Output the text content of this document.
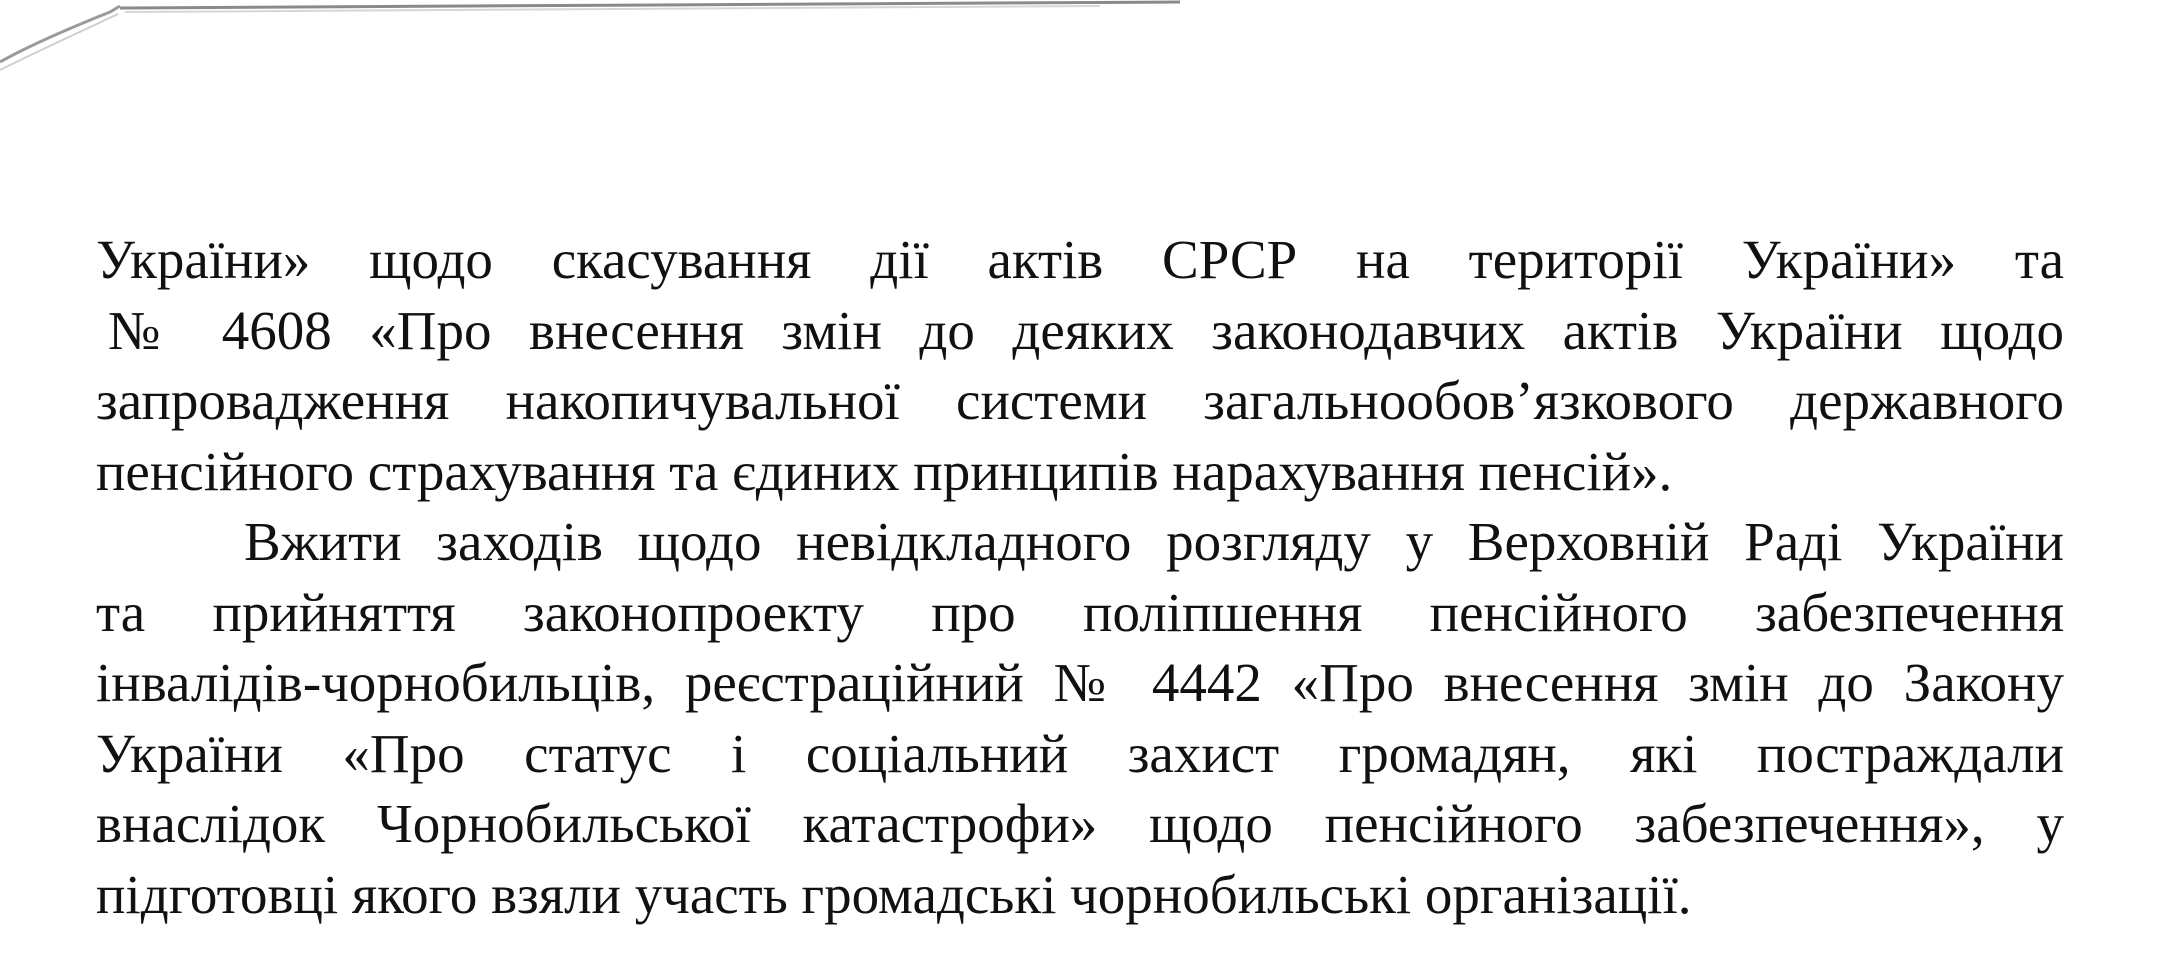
України» щодо скасування дії актів СРСР на території України» та
№ 4608 «Про внесення змін до деяких законодавчих актів України щодо
запровадження накопичувальної системи загальнообов’язкового державного
пенсійного страхування та єдиних принципів нарахування пенсій».

Вжити заходів щодо невідкладного розгляду у Верховній Раді України
та прийняття законопроекту про поліпшення пенсійного забезпечення
інвалідів-чорнобильців, реєстраційний № 4442 «Про внесення змін до Закону
України «Про статус і соціальний захист громадян, які постраждали
внаслідок Чорнобильської катастрофи» щодо пенсійного забезпечення», у
підготовці якого взяли участь громадські чорнобильські організації.
